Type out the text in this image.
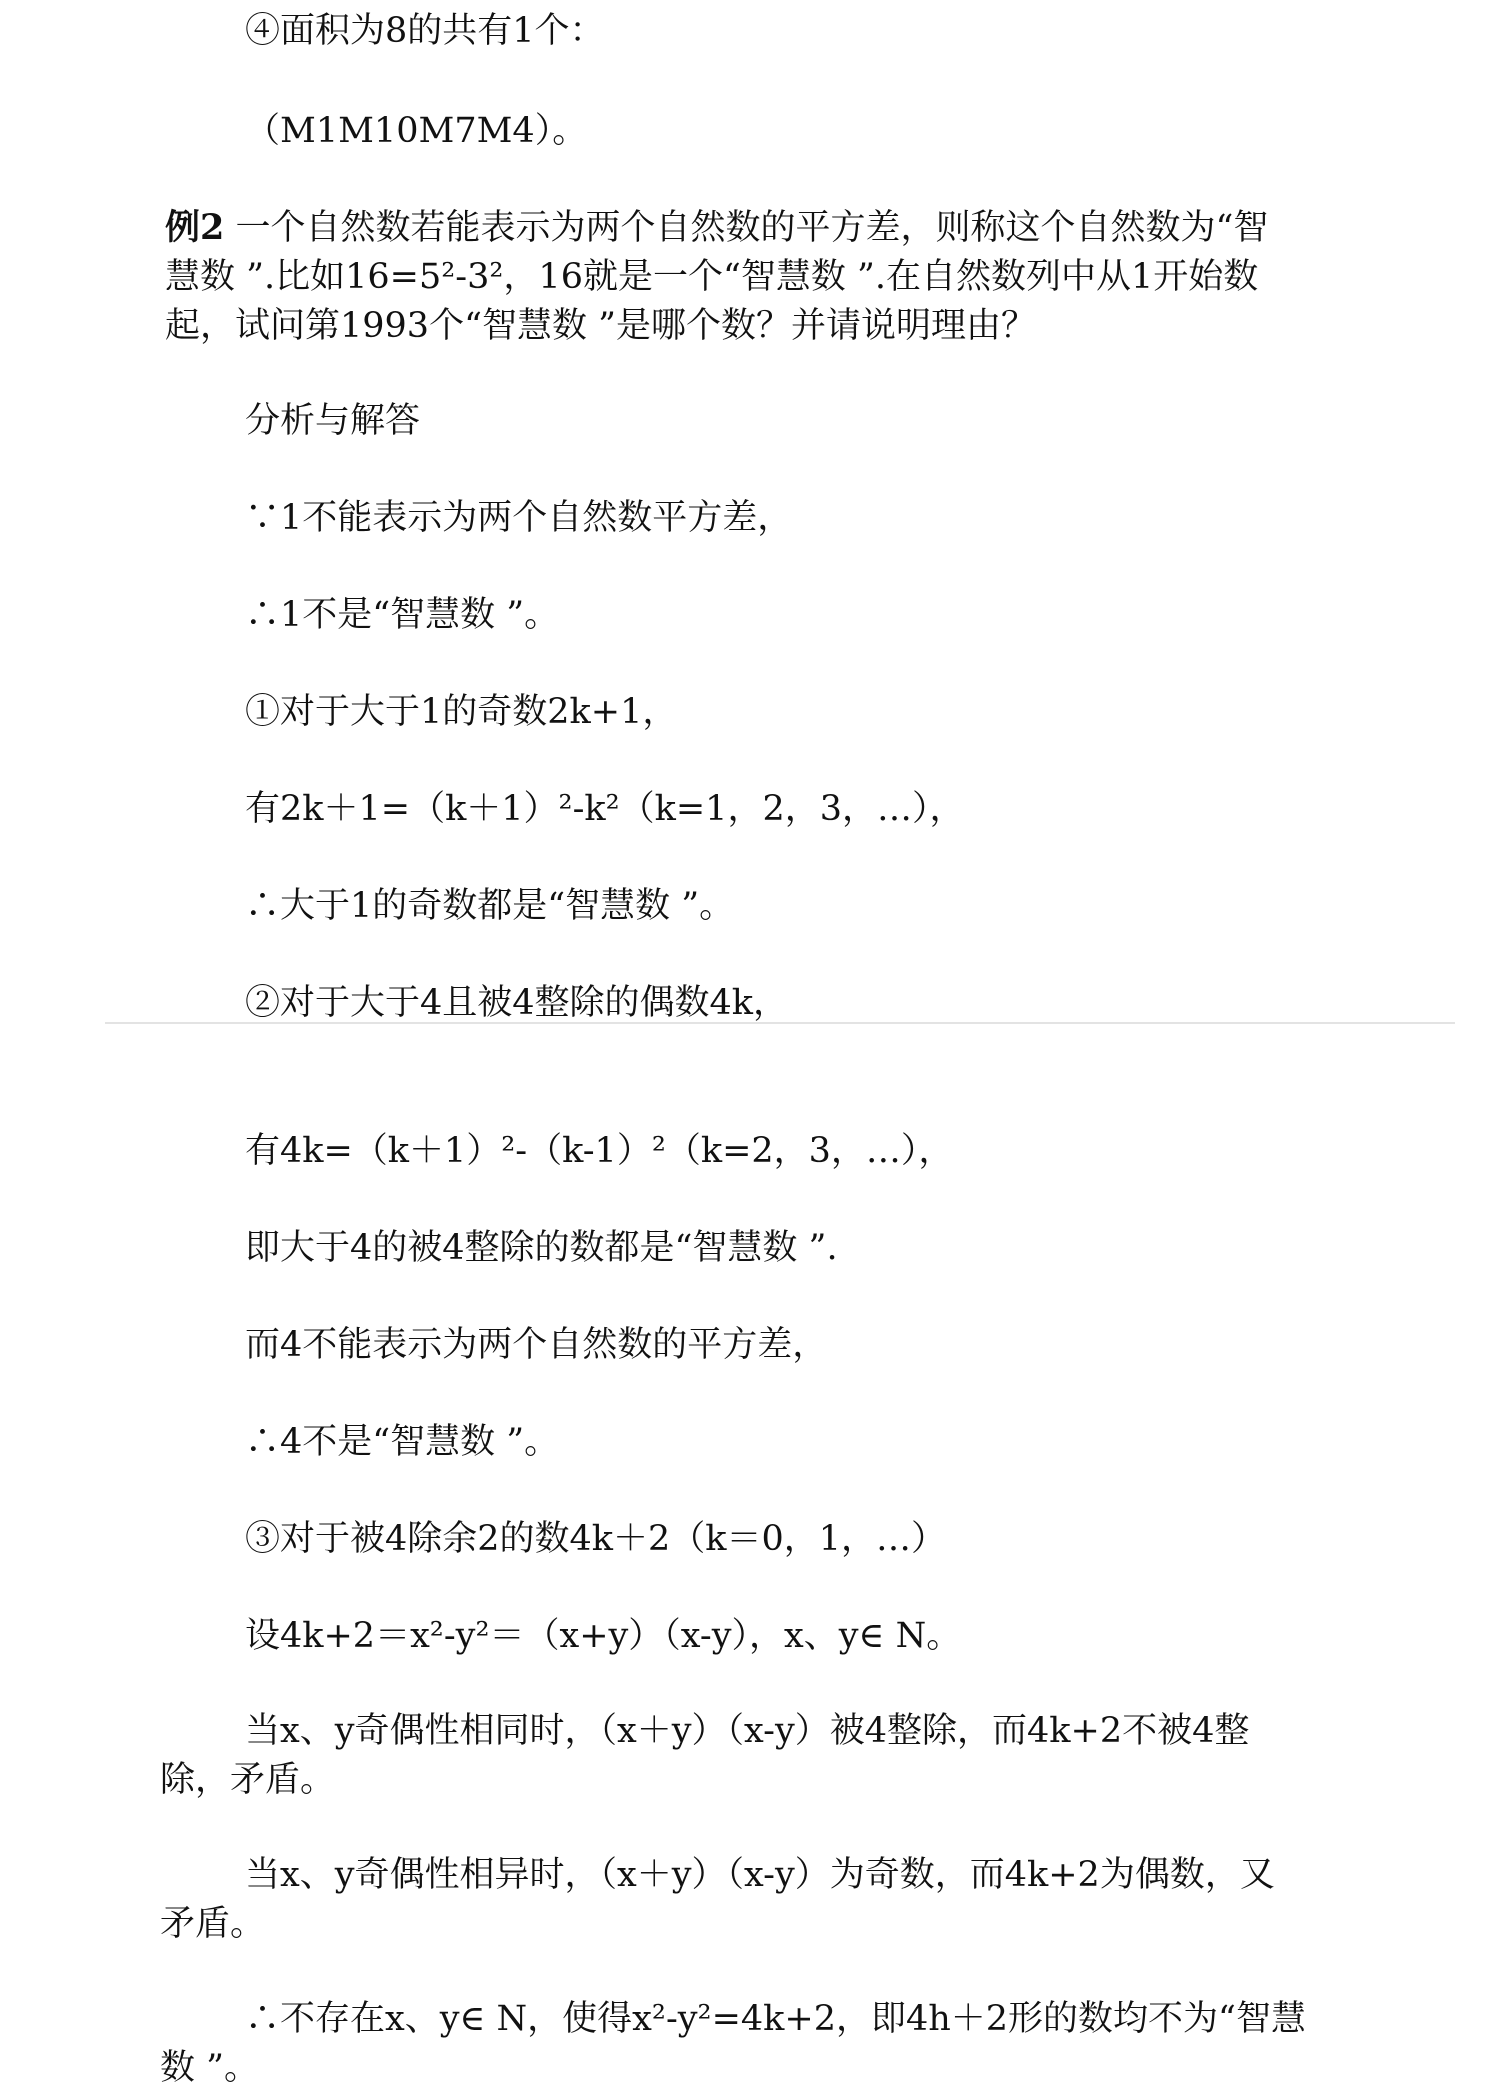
④面积为8的共有1个：
（M1M10M7M4）。
例2 一个自然数若能表示为两个自然数的平方差，则称这个自然数为“智
慧数 ”.比如16=5²-3²，16就是一个“智慧数 ”.在自然数列中从1开始数
起，试问第1993个“智慧数 ”是哪个数？并请说明理由？
分析与解答
∵1不能表示为两个自然数平方差，
∴1不是“智慧数 ”。
①对于大于1的奇数2k+1，
有2k＋1=（k＋1）²-k²（k=1，2，3，…），
∴大于1的奇数都是“智慧数 ”。
②对于大于4且被4整除的偶数4k，
有4k=（k＋1）²-（k-1）²（k=2，3，…），
即大于4的被4整除的数都是“智慧数 ”.
而4不能表示为两个自然数的平方差，
∴4不是“智慧数 ”。
③对于被4除余2的数4k＋2（k＝0，1，…）
设4k+2＝x²-y²＝（x+y）（x-y），x、y∈ N。
当x、y奇偶性相同时，（x＋y）（x-y）被4整除，而4k+2不被4整
除，矛盾。
当x、y奇偶性相异时，（x＋y）（x-y）为奇数，而4k+2为偶数，又
矛盾。
∴不存在x、y∈ N，使得x²-y²=4k+2，即4h＋2形的数均不为“智慧
数 ”。
